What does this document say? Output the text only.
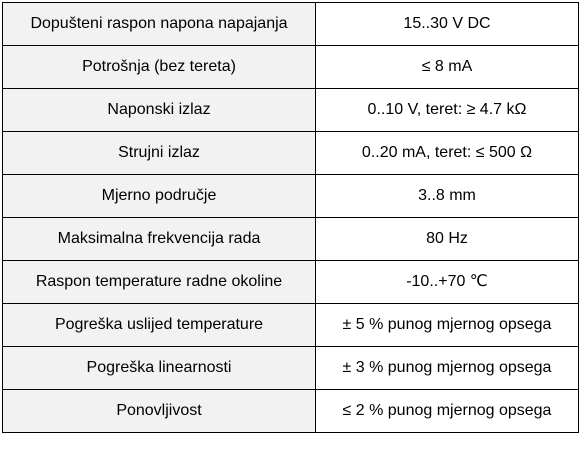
Dopušteni raspon napona napajanja	15..30 V DC
Potrošnja (bez tereta)	≤ 8 mA
Naponski izlaz	0..10 V, teret: ≥ 4.7 kΩ
Strujni izlaz	0..20 mA, teret: ≤ 500 Ω
Mjerno područje	3..8 mm
Maksimalna frekvencija rada	80 Hz
Raspon temperature radne okoline	-10..+70 ℃
Pogreška uslijed temperature	± 5 % punog mjernog opsega
Pogreška linearnosti	± 3 % punog mjernog opsega
Ponovljivost	≤ 2 % punog mjernog opsega
